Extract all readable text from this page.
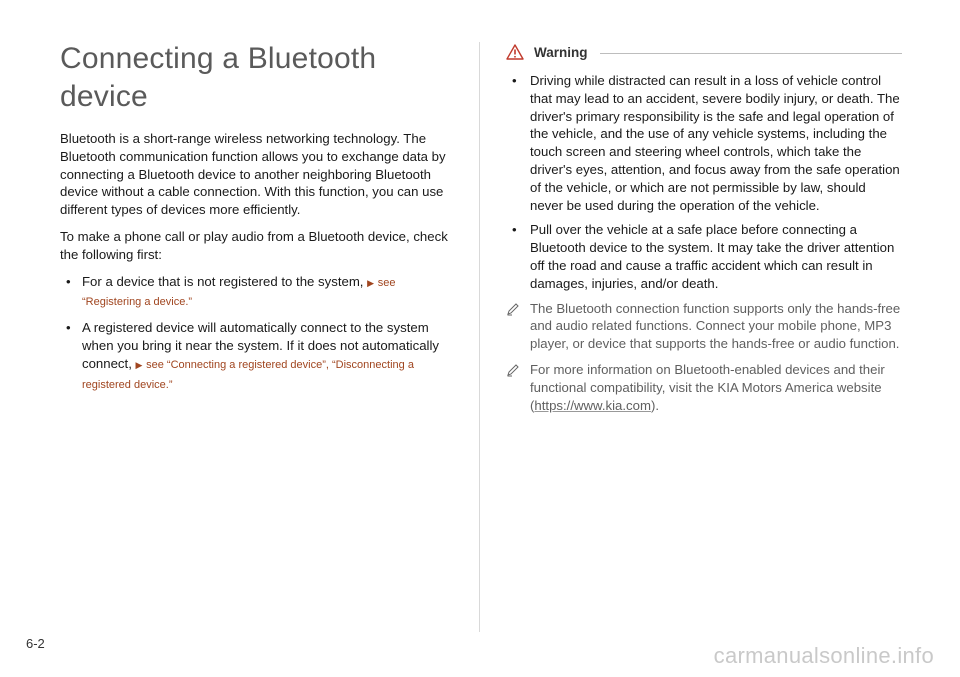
Connecting a Bluetooth device

Bluetooth is a short-range wireless networking technology. The Bluetooth communication function allows you to exchange data by connecting a Bluetooth device to another neighboring Bluetooth device without a cable connection. With this function, you can use different types of devices more efficiently.

To make a phone call or play audio from a Bluetooth device, check the following first:

• For a device that is not registered to the system, ▶ see “Registering a device.”
• A registered device will automatically connect to the system when you bring it near the system. If it does not automatically connect, ▶ see “Connecting a registered device”, “Disconnecting a registered device.”
Warning
• Driving while distracted can result in a loss of vehicle control that may lead to an accident, severe bodily injury, or death. The driver's primary responsibility is the safe and legal operation of the vehicle, and the use of any vehicle systems, including the touch screen and steering wheel controls, which take the driver's eyes, attention, and focus away from the safe operation of the vehicle, or which are not permissible by law, should never be used during the operation of the vehicle.
• Pull over the vehicle at a safe place before connecting a Bluetooth device to the system. It may take the driver attention off the road and cause a traffic accident which can result in damages, injuries, and/or death.
The Bluetooth connection function supports only the hands-free and audio related functions. Connect your mobile phone, MP3 player, or device that supports the hands-free or audio function.
For more information on Bluetooth-enabled devices and their functional compatibility, visit the KIA Motors America website (https://www.kia.com).
6-2	carmanualsonline.info
